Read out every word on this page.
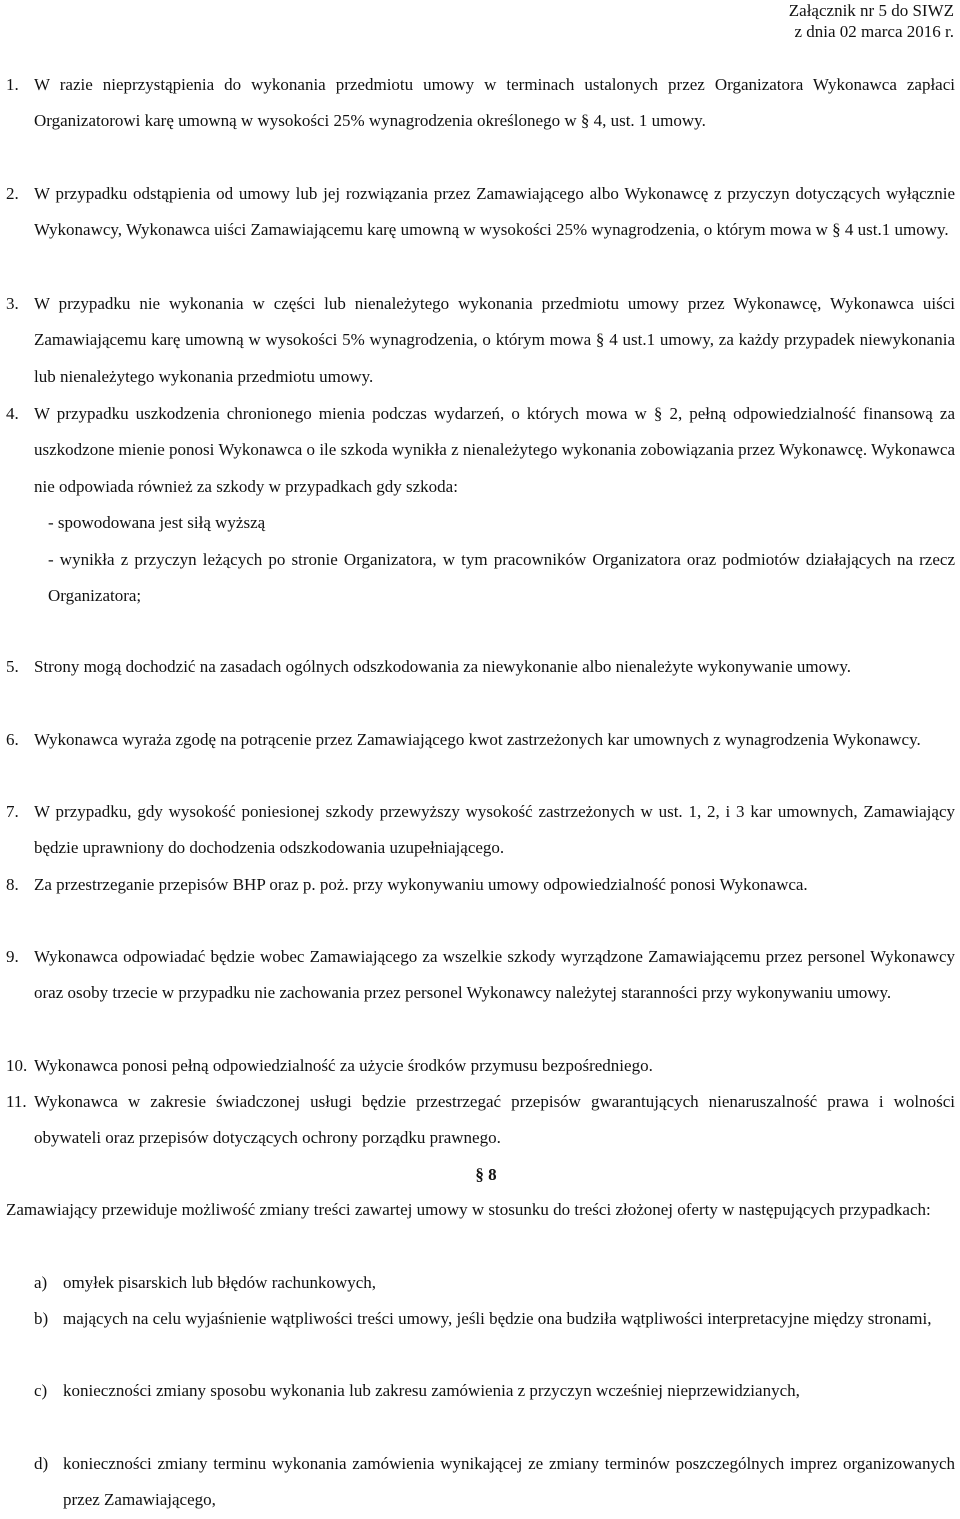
Załącznik nr 5 do SIWZ
z dnia 02 marca 2016 r.
1. W razie nieprzystąpienia do wykonania przedmiotu umowy w terminach ustalonych przez Organizatora Wykonawca zapłaci Organizatorowi karę umowną w wysokości 25% wynagrodzenia określonego w § 4, ust. 1 umowy.
2. W przypadku odstąpienia od umowy lub jej rozwiązania przez Zamawiającego albo Wykonawcę z przyczyn dotyczących wyłącznie Wykonawcy, Wykonawca uiści Zamawiającemu karę umowną w wysokości 25% wynagrodzenia, o którym mowa w § 4 ust.1 umowy.
3. W przypadku nie wykonania w części lub nienależytego wykonania przedmiotu umowy przez Wykonawcę, Wykonawca uiści Zamawiającemu karę umowną w wysokości 5% wynagrodzenia, o którym mowa § 4 ust.1 umowy, za każdy przypadek niewykonania lub nienależytego wykonania przedmiotu umowy.
4. W przypadku uszkodzenia chronionego mienia podczas wydarzeń, o których mowa w § 2, pełną odpowiedzialność finansową za uszkodzone mienie ponosi Wykonawca o ile szkoda wynikła z nienależytego wykonania zobowiązania przez Wykonawcę. Wykonawca nie odpowiada również za szkody w przypadkach gdy szkoda:
- spowodowana jest siłą wyższą
- wynikła z przyczyn leżących po stronie Organizatora, w tym pracowników Organizatora oraz podmiotów działających na rzecz Organizatora;
5. Strony mogą dochodzić na zasadach ogólnych odszkodowania za niewykonanie albo nienależyte wykonywanie umowy.
6. Wykonawca wyraża zgodę na potrącenie przez Zamawiającego kwot zastrzeżonych kar umownych z wynagrodzenia Wykonawcy.
7. W przypadku, gdy wysokość poniesionej szkody przewyższy wysokość zastrzeżonych w ust. 1, 2, i 3 kar umownych, Zamawiający będzie uprawniony do dochodzenia odszkodowania uzupełniającego.
8. Za przestrzeganie przepisów BHP oraz p. poż. przy wykonywaniu umowy odpowiedzialność ponosi Wykonawca.
9. Wykonawca odpowiadać będzie wobec Zamawiającego za wszelkie szkody wyrządzone Zamawiającemu przez personel Wykonawcy oraz osoby trzecie w przypadku nie zachowania przez personel Wykonawcy należytej staranności przy wykonywaniu umowy.
10. Wykonawca ponosi pełną odpowiedzialność za użycie środków przymusu bezpośredniego.
11. Wykonawca w zakresie świadczonej usługi będzie przestrzegać przepisów gwarantujących nienaruszalność prawa i wolności obywateli oraz przepisów dotyczących ochrony porządku prawnego.
§ 8
Zamawiający przewiduje możliwość zmiany treści zawartej umowy w stosunku do treści złożonej oferty w następujących przypadkach:
a) omyłek pisarskich lub błędów rachunkowych,
b) mających na celu wyjaśnienie wątpliwości treści umowy, jeśli będzie ona budziła wątpliwości interpretacyjne między stronami,
c) konieczności zmiany sposobu wykonania lub zakresu zamówienia z przyczyn wcześniej nieprzewidzianych,
d) konieczności zmiany terminu wykonania zamówienia wynikającej ze zmiany terminów poszczególnych imprez organizowanych przez Zamawiającego,
